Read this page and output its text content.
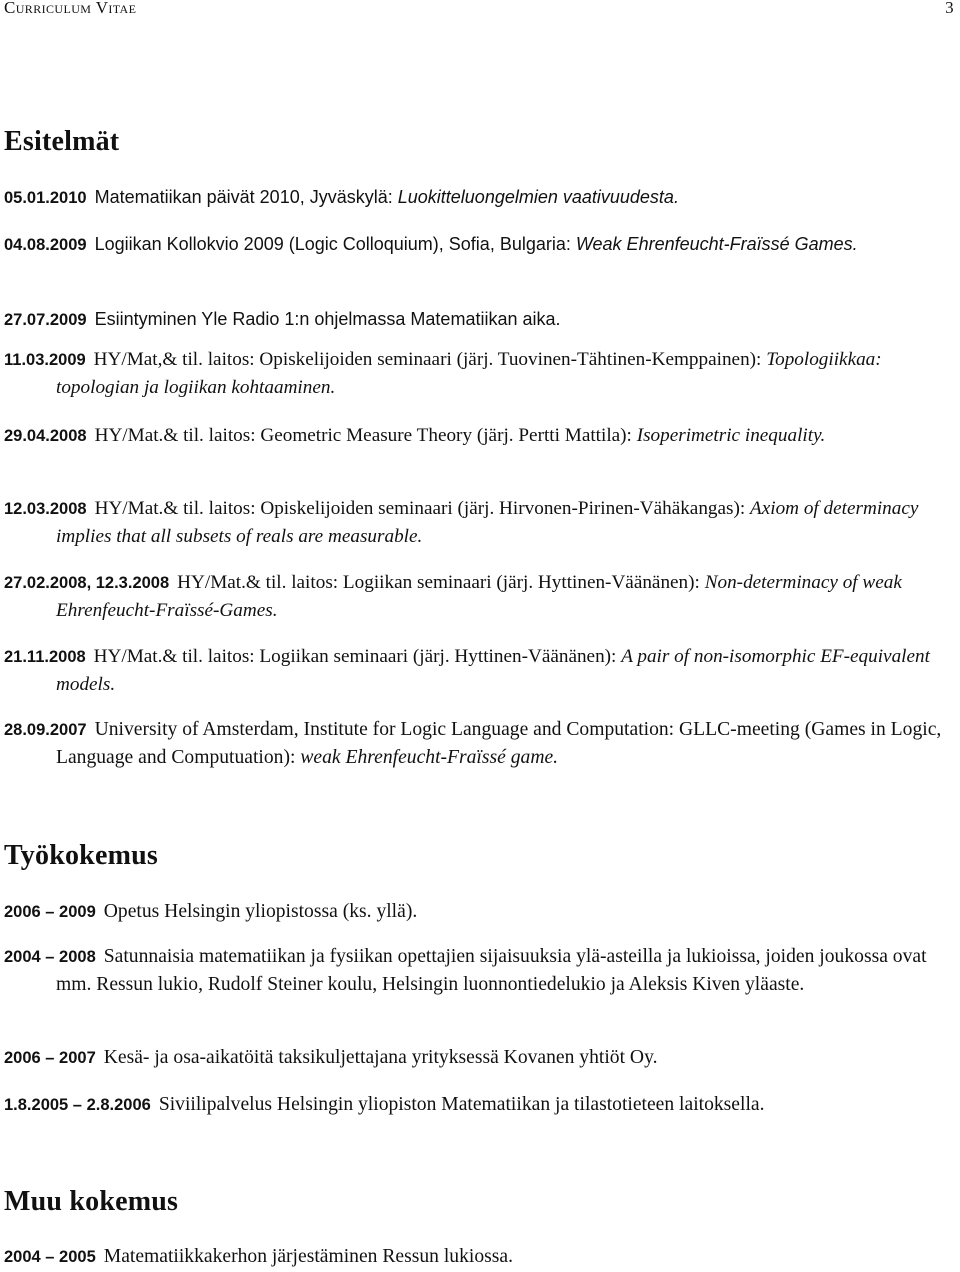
Curriculum Vitae	3
Esitelmät
05.01.2010 Matematiikan päivät 2010, Jyväskylä: Luokitteluongelmien vaativuudesta.
04.08.2009 Logiikan Kollokvio 2009 (Logic Colloquium), Sofia, Bulgaria: Weak Ehrenfeucht-Fraïssé Games.
27.07.2009 Esiintyminen Yle Radio 1:n ohjelmassa Matematiikan aika.
11.03.2009 HY/Mat,& til. laitos: Opiskelijoiden seminaari (järj. Tuovinen-Tähtinen-Kemppainen): Topologiikkaa: topologian ja logiikan kohtaaminen.
29.04.2008 HY/Mat.& til. laitos: Geometric Measure Theory (järj. Pertti Mattila): Isoperimetric inequality.
12.03.2008 HY/Mat.& til. laitos: Opiskelijoiden seminaari (järj. Hirvonen-Pirinen-Vähäkangas): Axiom of determinacy implies that all subsets of reals are measurable.
27.02.2008, 12.3.2008 HY/Mat.& til. laitos: Logiikan seminaari (järj. Hyttinen-Väänänen): Non-determinacy of weak Ehrenfeucht-Fraïssé-Games.
21.11.2008 HY/Mat.& til. laitos: Logiikan seminaari (järj. Hyttinen-Väänänen): A pair of non-isomorphic EF-equivalent models.
28.09.2007 University of Amsterdam, Institute for Logic Language and Computation: GLLC-meeting (Games in Logic, Language and Computuation): weak Ehrenfeucht-Fraïssé game.
Työkokemus
2006 – 2009 Opetus Helsingin yliopistossa (ks. yllä).
2004 – 2008 Satunnaisia matematiikan ja fysiikan opettajien sijaisuuksia ylä-asteilla ja lukioissa, joiden joukossa ovat mm. Ressun lukio, Rudolf Steiner koulu, Helsingin luonnontiedelukio ja Aleksis Kiven yläaste.
2006 – 2007 Kesä- ja osa-aikatöitä taksikuljettajana yrityksessä Kovanen yhtiöt Oy.
1.8.2005 – 2.8.2006 Siviilipalvelus Helsingin yliopiston Matematiikan ja tilastotieteen laitoksella.
Muu kokemus
2004 – 2005 Matematiikkakerhon järjestäminen Ressun lukiossa.
